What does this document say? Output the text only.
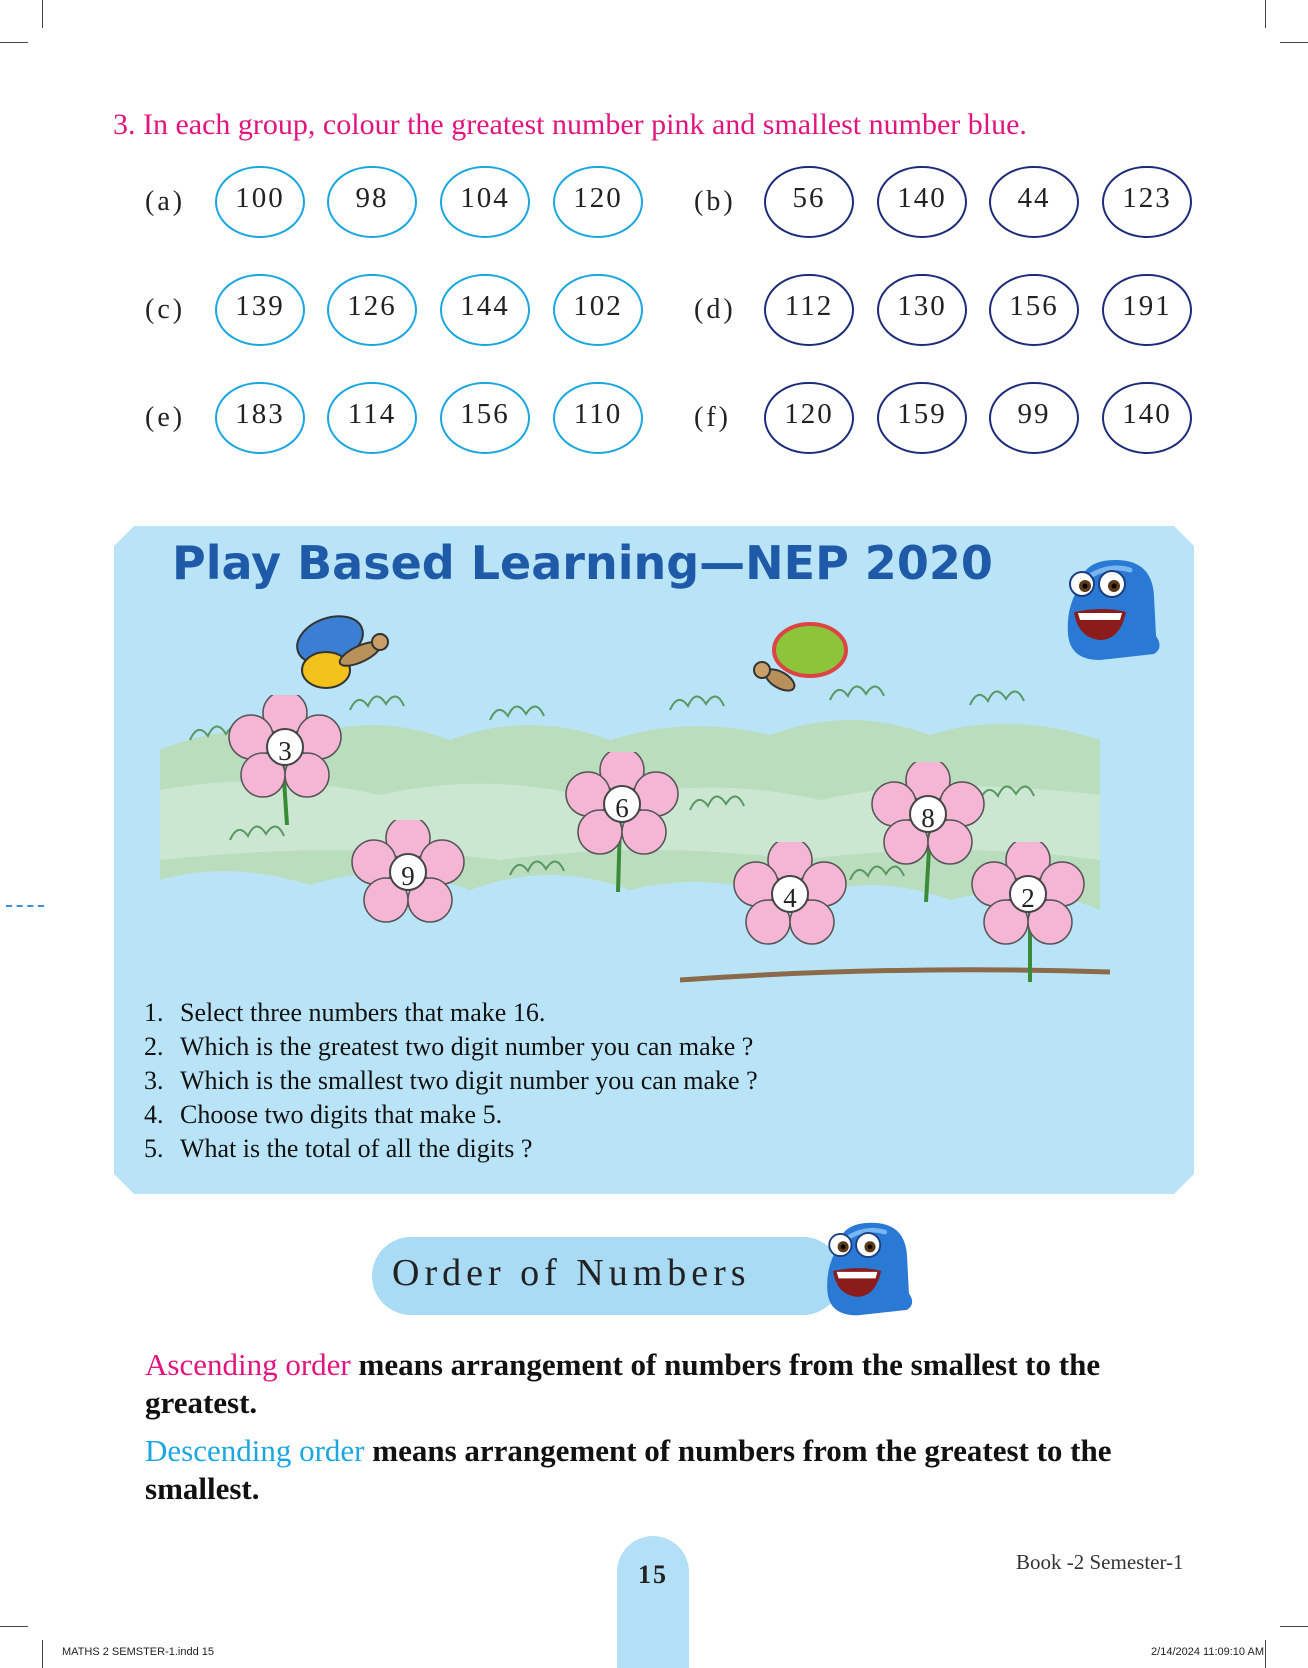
3. In each group, colour the greatest number pink and smallest number blue.
(a)	100	98	104	120	(b)	56	140	44	123
(c)	139	126	144	102	(d)	112	130	156	191
(e)	183	114	156	110	(f)	120	159	99	140
Play Based Learning—NEP 2020
3
9
6
4
8
2
1. Select three numbers that make 16.
2. Which is the greatest two digit number you can make ?
3. Which is the smallest two digit number you can make ?
4. Choose two digits that make 5.
5. What is the total of all the digits ?
Order of Numbers
Ascending order means arrangement of numbers from the smallest to the greatest.
Descending order means arrangement of numbers from the greatest to the smallest.
15	Book -2 Semester-1
MATHS 2 SEMSTER-1.indd 15	2/14/2024 11:09:10 AM
